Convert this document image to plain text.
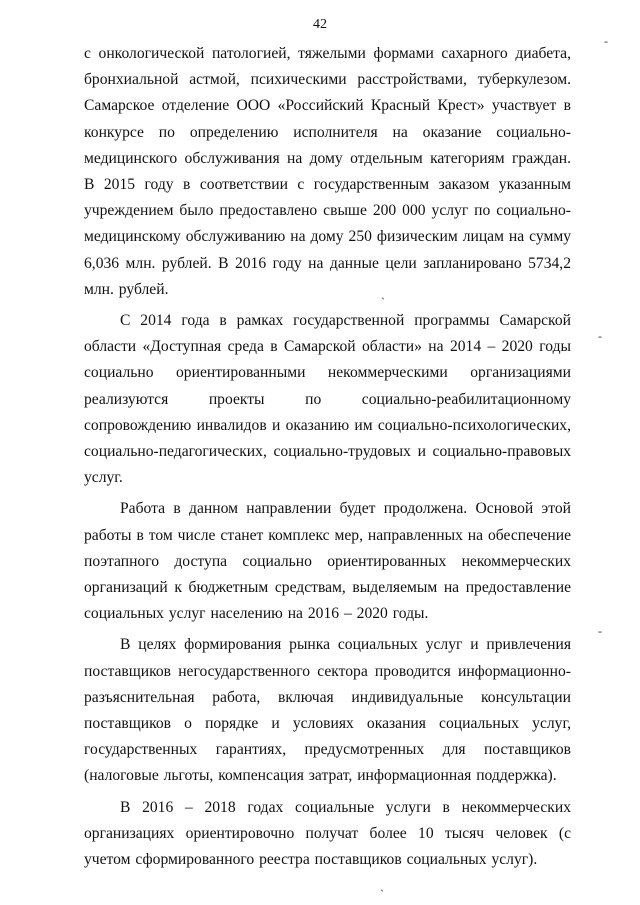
42

с онкологической патологией, тяжелыми формами сахарного диабета, бронхиальной астмой, психическими расстройствами, туберкулезом. Самарское отделение ООО «Российский Красный Крест» участвует в конкурсе по определению исполнителя на оказание социально-медицинского обслуживания на дому отдельным категориям граждан. В 2015 году в соответствии с государственным заказом указанным учреждением было предоставлено свыше 200 000 услуг по социально-медицинскому обслуживанию на дому 250 физическим лицам на сумму 6,036 млн. рублей. В 2016 году на данные цели запланировано 5734,2 млн. рублей.

С 2014 года в рамках государственной программы Самарской области «Доступная среда в Самарской области» на 2014 – 2020 годы социально ориентированными некоммерческими организациями реализуются проекты по социально-реабилитационному сопровождению инвалидов и оказанию им социально-психологических, социально-педагогических, социально-трудовых и социально-правовых услуг.

Работа в данном направлении будет продолжена. Основой этой работы в том числе станет комплекс мер, направленных на обеспечение поэтапного доступа социально ориентированных некоммерческих организаций к бюджетным средствам, выделяемым на предоставление социальных услуг населению на 2016 – 2020 годы.

В целях формирования рынка социальных услуг и привлечения поставщиков негосударственного сектора проводится информационно-разъяснительная работа, включая индивидуальные консультации поставщиков о порядке и условиях оказания социальных услуг, государственных гарантиях, предусмотренных для поставщиков (налоговые льготы, компенсация затрат, информационная поддержка).

В 2016 – 2018 годах социальные услуги в некоммерческих организациях ориентировочно получат более 10 тысяч человек (с учетом сформированного реестра поставщиков социальных услуг).

-
-
-
`
`
